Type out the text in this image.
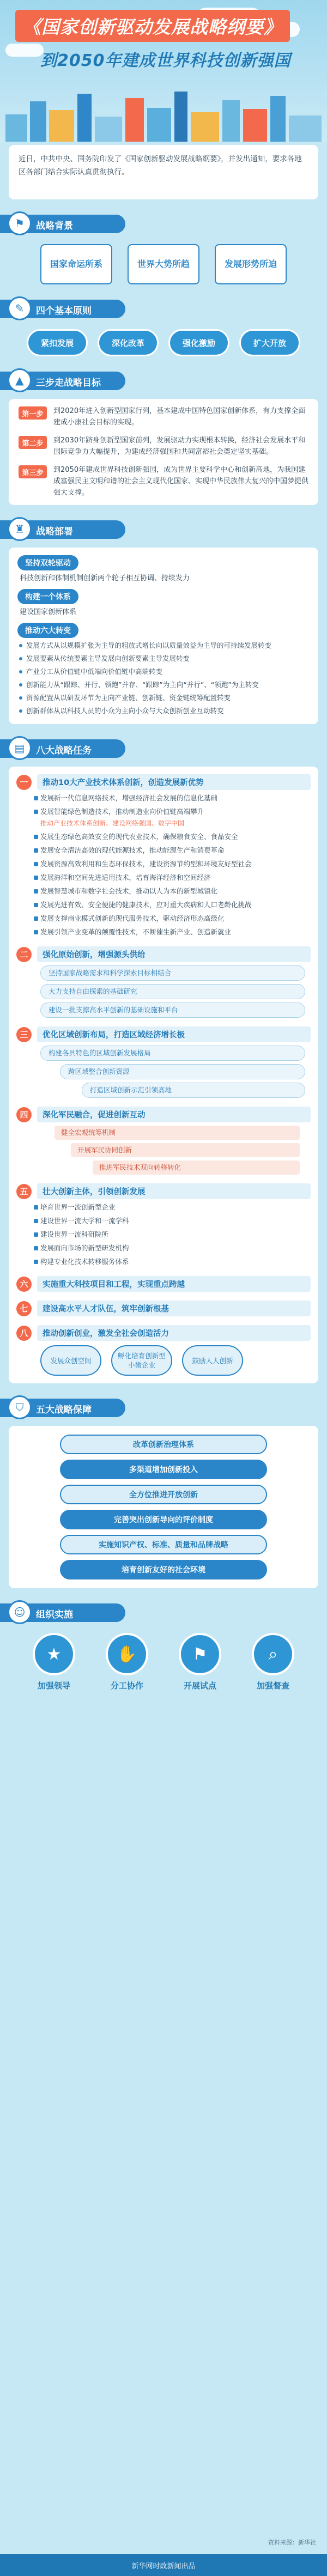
《国家创新驱动发展战略纲要》
到2050年建成世界科技创新强国
近日，中共中央、国务院印发了《国家创新驱动发展战略纲要》，并发出通知，要求各地区各部门结合实际认真贯彻执行。
⚑	战略背景
国家命运所系	世界大势所趋	发展形势所迫
✎	四个基本原则
紧扣发展	深化改革	强化激励	扩大开放
▲	三步走战略目标
第一步	到2020年进入创新型国家行列，基本建成中国特色国家创新体系，有力支撑全面建成小康社会目标的实现。
第二步	到2030年跻身创新型国家前列，发展驱动力实现根本转换，经济社会发展水平和国际竞争力大幅提升，为建成经济强国和共同富裕社会奠定坚实基础。
第三步	到2050年建成世界科技创新强国，成为世界主要科学中心和创新高地，为我国建成富强民主文明和谐的社会主义现代化国家、实现中华民族伟大复兴的中国梦提供强大支撑。
♜	战略部署
坚持双轮驱动
科技创新和体制机制创新两个轮子相互协调、持续发力
构建一个体系
建设国家创新体系
推动六大转变
发展方式从以规模扩张为主导的粗放式增长向以质量效益为主导的可持续发展转变
发展要素从传统要素主导发展向创新要素主导发展转变
产业分工从价值链中低端向价值链中高端转变
创新能力从“跟踪、并行、领跑”并存、“跟踪”为主向“并行”、“领跑”为主转变
资源配置从以研发环节为主向产业链、创新链、资金链统筹配置转变
创新群体从以科技人员的小众为主向小众与大众创新创业互动转变
▤	八大战略任务
一	推动10大产业技术体系创新，创造发展新优势
发展新一代信息网络技术，增强经济社会发展的信息化基础
发展智能绿色制造技术，推动制造业向价值链高端攀升
推动产业技术体系创新、建设网络强国、数字中国
发展生态绿色高效安全的现代农业技术，确保粮食安全、食品安全
发展安全清洁高效的现代能源技术，推动能源生产和消费革命
发展资源高效利用和生态环保技术，建设资源节约型和环境友好型社会
发展海洋和空间先进适用技术，培育海洋经济和空间经济
发展智慧城市和数字社会技术，推动以人为本的新型城镇化
发展先进有效、安全便捷的健康技术，应对重大疾病和人口老龄化挑战
发展支撑商业模式创新的现代服务技术，驱动经济形态高级化
发展引领产业变革的颠覆性技术，不断催生新产业、创造新就业
二	强化原始创新，增强源头供给
坚持国家战略需求和科学探索目标相结合
大力支持自由探索的基础研究
建设一批支撑高水平创新的基础设施和平台
三	优化区域创新布局，打造区域经济增长极
构建各具特色的区域创新发展格局
跨区域整合创新资源
打造区域创新示范引领高地
四	深化军民融合，促进创新互动
健全宏观统筹机制
开展军民协同创新
推进军民技术双向转移转化
五	壮大创新主体，引领创新发展
培育世界一流创新型企业
建设世界一流大学和一流学科
建设世界一流科研院所
发展面向市场的新型研发机构
构建专业化技术转移服务体系
六	实施重大科技项目和工程，实现重点跨越
七	建设高水平人才队伍，筑牢创新根基
八	推动创新创业，激发全社会创造活力
发展众创空间
孵化培育创新型小微企业
鼓励人人创新
⛉	五大战略保障
改革创新治理体系
多渠道增加创新投入
全方位推进开放创新
完善突出创新导向的评价制度
实施知识产权、标准、质量和品牌战略
培育创新友好的社会环境
☺	组织实施
★
加强领导
✋
分工协作
⚑
开展试点
⌕
加强督查
资料来源：新华社
新华网时政新闻出品
